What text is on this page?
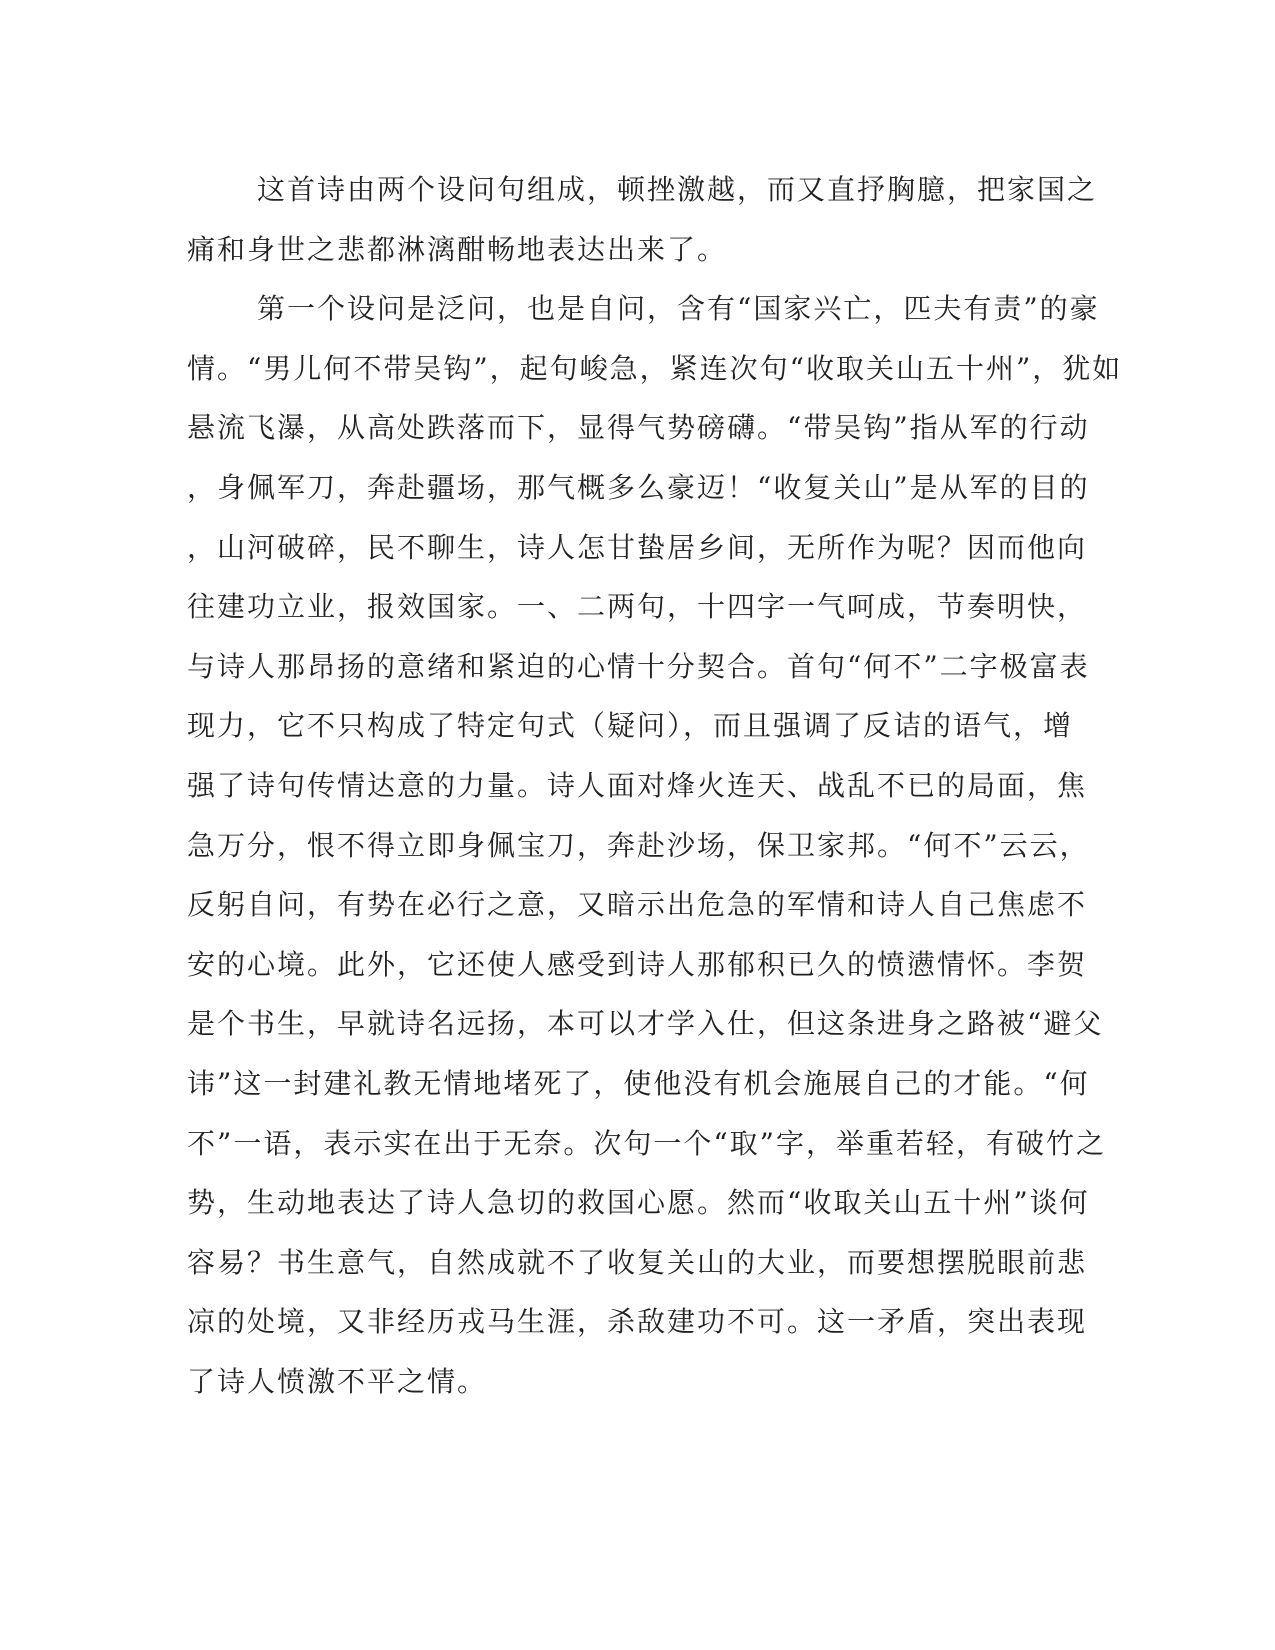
这首诗由两个设问句组成，顿挫激越，而又直抒胸臆，把家国之
痛和身世之悲都淋漓酣畅地表达出来了。
第一个设问是泛问，也是自问，含有“国家兴亡，匹夫有责”的豪
情。“男儿何不带吴钩”，起句峻急，紧连次句“收取关山五十州”，犹如
悬流飞瀑，从高处跌落而下，显得气势磅礴。“带吴钩”指从军的行动
，身佩军刀，奔赴疆场，那气概多么豪迈！“收复关山”是从军的目的
，山河破碎，民不聊生，诗人怎甘蛰居乡间，无所作为呢？因而他向
往建功立业，报效国家。一、二两句，十四字一气呵成，节奏明快，
与诗人那昂扬的意绪和紧迫的心情十分契合。首句“何不”二字极富表
现力，它不只构成了特定句式（疑问），而且强调了反诘的语气，增
强了诗句传情达意的力量。诗人面对烽火连天、战乱不已的局面，焦
急万分，恨不得立即身佩宝刀，奔赴沙场，保卫家邦。“何不”云云，
反躬自问，有势在必行之意，又暗示出危急的军情和诗人自己焦虑不
安的心境。此外，它还使人感受到诗人那郁积已久的愤懑情怀。李贺
是个书生，早就诗名远扬，本可以才学入仕，但这条进身之路被“避父
讳”这一封建礼教无情地堵死了，使他没有机会施展自己的才能。“何
不”一语，表示实在出于无奈。次句一个“取”字，举重若轻，有破竹之
势，生动地表达了诗人急切的救国心愿。然而“收取关山五十州”谈何
容易？书生意气，自然成就不了收复关山的大业，而要想摆脱眼前悲
凉的处境，又非经历戎马生涯，杀敌建功不可。这一矛盾，突出表现
了诗人愤激不平之情。
